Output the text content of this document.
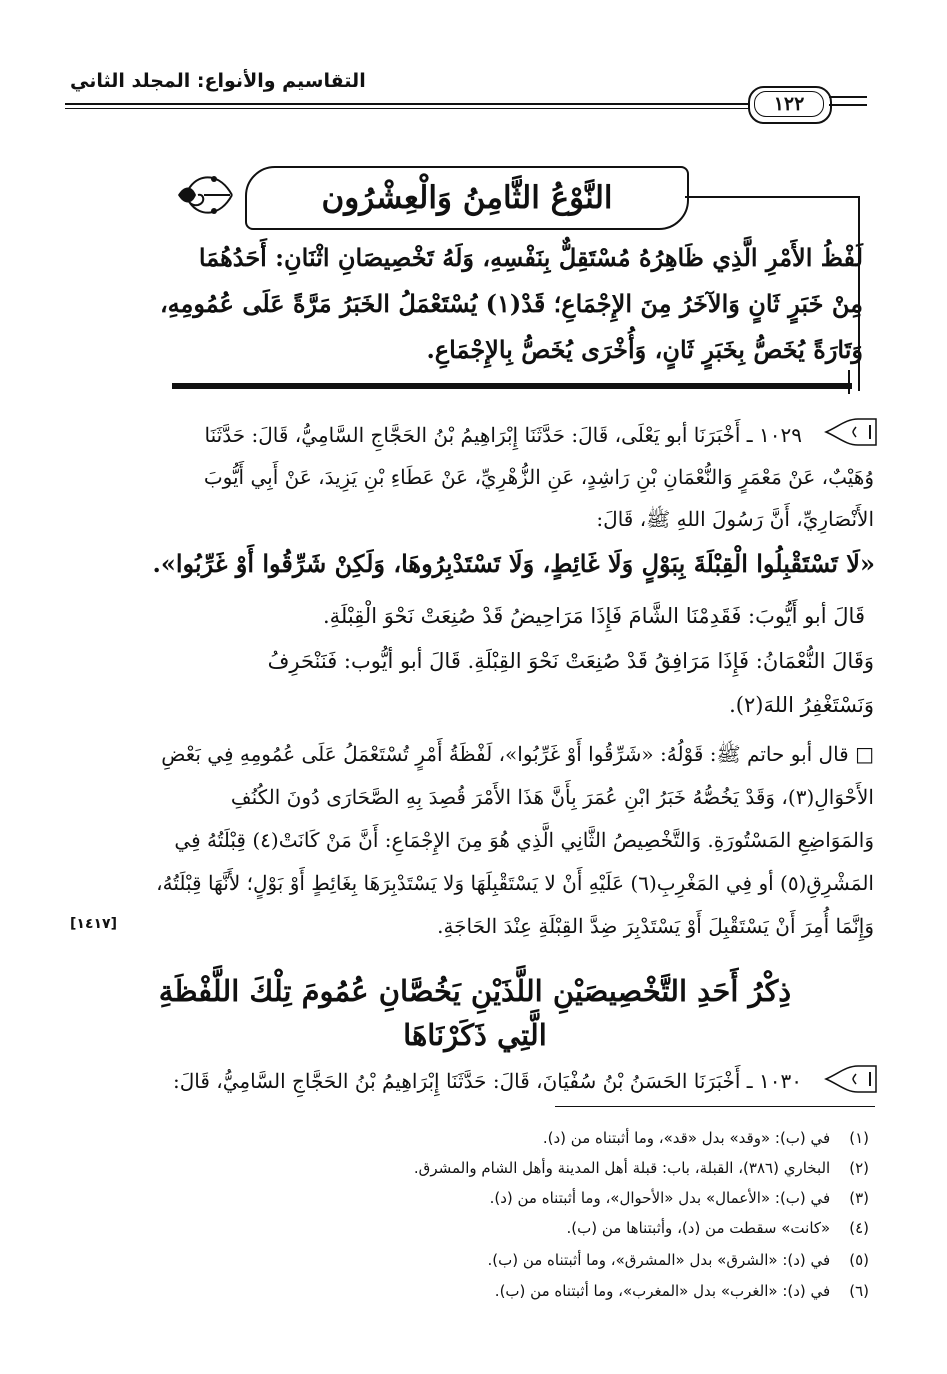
التقاسيم والأنواع: المجلد الثاني
١٢٢
النَّوْعُ الثَّامِنُ وَالْعِشْرُون
لَفْظُ الأَمْرِ الَّذِي ظَاهِرُهُ مُسْتَقِلٌّ بِنَفْسِهِ، وَلَهُ تَخْصِيصَانِ اثْنَانِ: أَحَدُهُمَا
مِنْ خَبَرٍ ثَانٍ وَالآخَرُ مِنَ الإِجْمَاعِ؛ قَدْ(١) يُسْتَعْمَلُ الخَبَرُ مَرَّةً عَلَى عُمُومِهِ،
وَتَارَةً يُخَصُّ بِخَبَرٍ ثَانٍ، وَأُخْرَى يُخَصُّ بِالإِجْمَاعِ.
١٠٢٩ ـ أَخْبَرَنَا أبو يَعْلَى، قَالَ: حَدَّثَنَا إِبْرَاهِيمُ بْنُ الحَجَّاجِ السَّامِيُّ، قَالَ: حَدَّثَنَا
وُهَيْبٌ، عَنْ مَعْمَرٍ وَالنُّعْمَانِ بْنِ رَاشِدٍ، عَنِ الزُّهْرِيِّ، عَنْ عَطَاءِ بْنِ يَزِيدَ، عَنْ أَبِي أَيُّوبَ
الأَنْصَارِيِّ، أَنَّ رَسُولَ اللهِ ﷺ، قَالَ:
«لَا تَسْتَقْبِلُوا الْقِبْلَةَ بِبَوْلٍ وَلَا غَائِطٍ، وَلَا تَسْتَدْبِرُوهَا، وَلَكِنْ شَرِّقُوا أَوْ غَرِّبُوا».
قَالَ أبو أَيُّوبَ: فَقَدِمْنَا الشَّامَ فَإِذَا مَرَاحِيضُ قَدْ صُنِعَتْ نَحْوَ الْقِبْلَةِ.
وَقَالَ النُّعْمَانُ: فَإِذَا مَرَافِقُ قَدْ صُنِعَتْ نَحْوَ القِبْلَةِ. قَالَ أبو أيُّوب: فَنَنْحَرِفُ
وَنَسْتَغْفِرُ اللهَ(٢).
□ قال أبو حاتم ﷺ: قَوْلُهُ: «شَرِّقُوا أَوْ غَرِّبُوا»، لَفْظَةُ أَمْرٍ تُسْتَعْمَلُ عَلَى عُمُومِهِ فِي بَعْضِ
الأَحْوَالِ(٣)، وَقَدْ يَخُصُّهُ خَبَرُ ابْنِ عُمَرَ بِأَنَّ هَذَا الأَمْرَ قُصِدَ بِهِ الصَّحَارَى دُونَ الكُنُفِ
وَالمَوَاضِعِ المَسْتُورَةِ. وَالتَّخْصِيصُ الثَّانِي الَّذِي هُوَ مِنَ الإِجْمَاعِ: أَنَّ مَنْ كَانَتْ(٤) قِبْلَتُهُ فِي
المَشْرِقِ(٥) أو فِي المَغْرِبِ(٦) عَلَيْهِ أَنْ لا يَسْتَقْبِلَهَا وَلا يَسْتَدْبِرَهَا بِغَائِطٍ أَوْ بَوْلٍ؛ لأَنَّهَا قِبْلَتُهُ،
وَإِنَّمَا أُمِرَ أَنْ يَسْتَقْبِلَ أَوْ يَسْتَدْبِرَ ضِدَّ القِبْلَةِ عِنْدَ الحَاجَةِ.
[١٤١٧]
ذِكْرُ أَحَدِ التَّخْصِيصَيْنِ اللَّذَيْنِ يَخُصَّانِ عُمُومَ تِلْكَ اللَّفْظَةِ
الَّتِي ذَكَرْنَاهَا
١٠٣٠ ـ أَخْبَرَنَا الحَسَنُ بْنُ سُفْيَانَ، قَالَ: حَدَّثَنَا إِبْرَاهِيمُ بْنُ الحَجَّاجِ السَّامِيُّ، قَالَ:
(١) في (ب): «وقد» بدل «قد»، وما أثبتناه من (د).
(٢) البخاري (٣٨٦)، القبلة، باب: قبلة أهل المدينة وأهل الشام والمشرق.
(٣) في (ب): «الأعمال» بدل «الأحوال»، وما أثبتناه من (د).
(٤) «كانت» سقطت من (د)، وأثبتناها من (ب).
(٥) في (د): «الشرق» بدل «المشرق»، وما أثبتناه من (ب).
(٦) في (د): «الغرب» بدل «المغرب»، وما أثبتناه من (ب).
